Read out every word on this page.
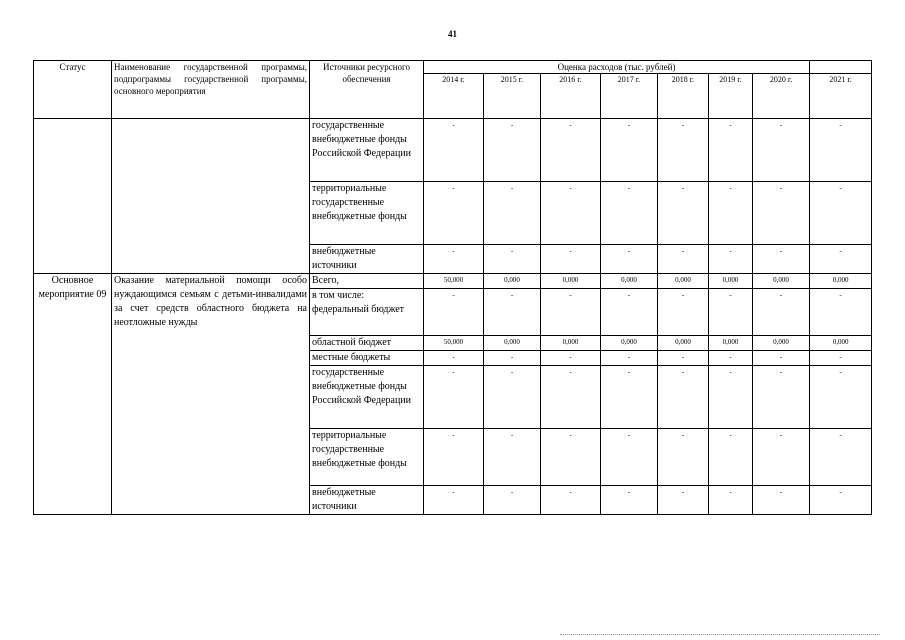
41
Статус	Наименование государственной программы, подпрограммы государственной программы, основного мероприятия	Источники ресурсного обеспечения	Оценка расходов (тыс. рублей)							
			2014 г.	2015 г.	2016 г.	2017 г.	2018 г.	2019 г.	2020 г.	2021 г.
		государственные внебюджетные фонды Российской Федерации	-	-	-	-	-	-	-	-
		территориальные государственные внебюджетные фонды	-	-	-	-	-	-	-	-
		внебюджетные источники	-	-	-	-	-	-	-	-
Основное мероприятие 09	Оказание материальной помощи особо нуждающимся семьям с детьми-инвалидами за счет средств областного бюджета на неотложные нужды	Всего,	50,000	0,000	0,000	0,000	0,000	0,000	0,000	0,000
		в том числе: федеральный бюджет	-	-	-	-	-	-	-	-
		областной бюджет	50,000	0,000	0,000	0,000	0,000	0,000	0,000	0,000
		местные бюджеты	-	-	-	-	-	-	-	-
		государственные внебюджетные фонды Российской Федерации	-	-	-	-	-	-	-	-
		территориальные государственные внебюджетные фонды	-	-	-	-	-	-	-	-
		внебюджетные источники	-	-	-	-	-	-	-	-
